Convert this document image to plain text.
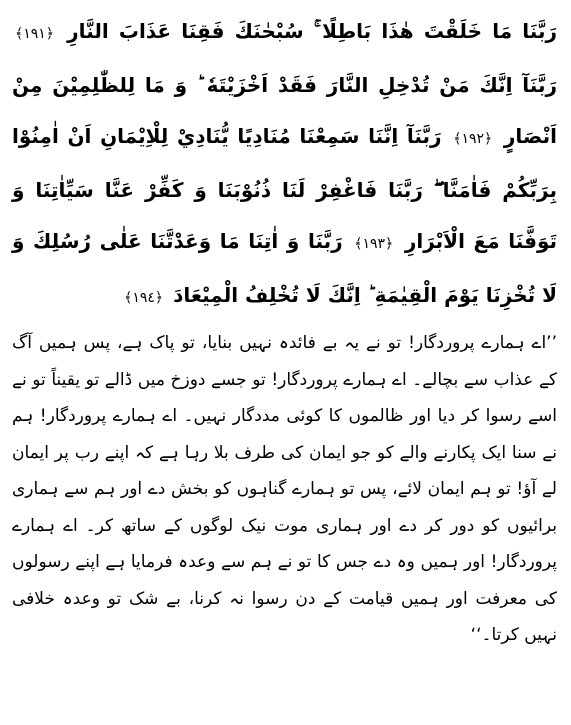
رَبَّنَا مَا خَلَقْتَ هٰذَا بَاطِلًا ۚ سُبْحٰنَكَ فَقِنَا عَذَابَ النَّارِ ﴿١٩١﴾ رَبَّنَآ اِنَّكَ مَنْ تُدْخِلِ النَّارَ فَقَدْ اَخْزَيْتَهٗ ؕ وَ مَا لِلظّٰلِمِيْنَ مِنْ اَنْصَارٍ ﴿١٩٢﴾ رَبَّنَآ اِنَّنَا سَمِعْنَا مُنَادِيًا يُّنَادِيْ لِلْاِيْمَانِ اَنْ اٰمِنُوْا بِرَبِّكُمْ فَاٰمَنَّا ۖ رَبَّنَا فَاغْفِرْ لَنَا ذُنُوْبَنَا وَ كَفِّرْ عَنَّا سَيِّاٰتِنَا وَ تَوَفَّنَا مَعَ الْاَبْرَارِ ﴿١٩٣﴾ رَبَّنَا وَ اٰتِنَا مَا وَعَدْتَّنَا عَلٰى رُسُلِكَ وَ لَا تُخْزِنَا يَوْمَ الْقِيٰمَةِ ؕ اِنَّكَ لَا تُخْلِفُ الْمِيْعَادَ ﴿١٩٤﴾

’’اے ہمارے پروردگار! تو نے یہ بے فائدہ نہیں بنایا، تو پاک ہے، پس ہمیں آگ کے عذاب سے بچالے۔ اے ہمارے پروردگار! تو جسے دوزخ میں ڈالے تو یقیناً تو نے اسے رسوا کر دیا اور ظالموں کا کوئی مددگار نہیں۔ اے ہمارے پروردگار! ہم نے سنا ایک پکارنے والے کو جو ایمان کی طرف بلا رہا ہے کہ اپنے رب پر ایمان لے آؤ! تو ہم ایمان لائے، پس تو ہمارے گناہوں کو بخش دے اور ہم سے ہماری برائیوں کو دور کر دے اور ہماری موت نیک لوگوں کے ساتھ کر۔ اے ہمارے پروردگار! اور ہمیں وہ دے جس کا تو نے ہم سے وعدہ فرمایا ہے اپنے رسولوں کی معرفت اور ہمیں قیامت کے دن رسوا نہ کرنا، بے شک تو وعدہ خلافی نہیں کرتا۔‘‘
